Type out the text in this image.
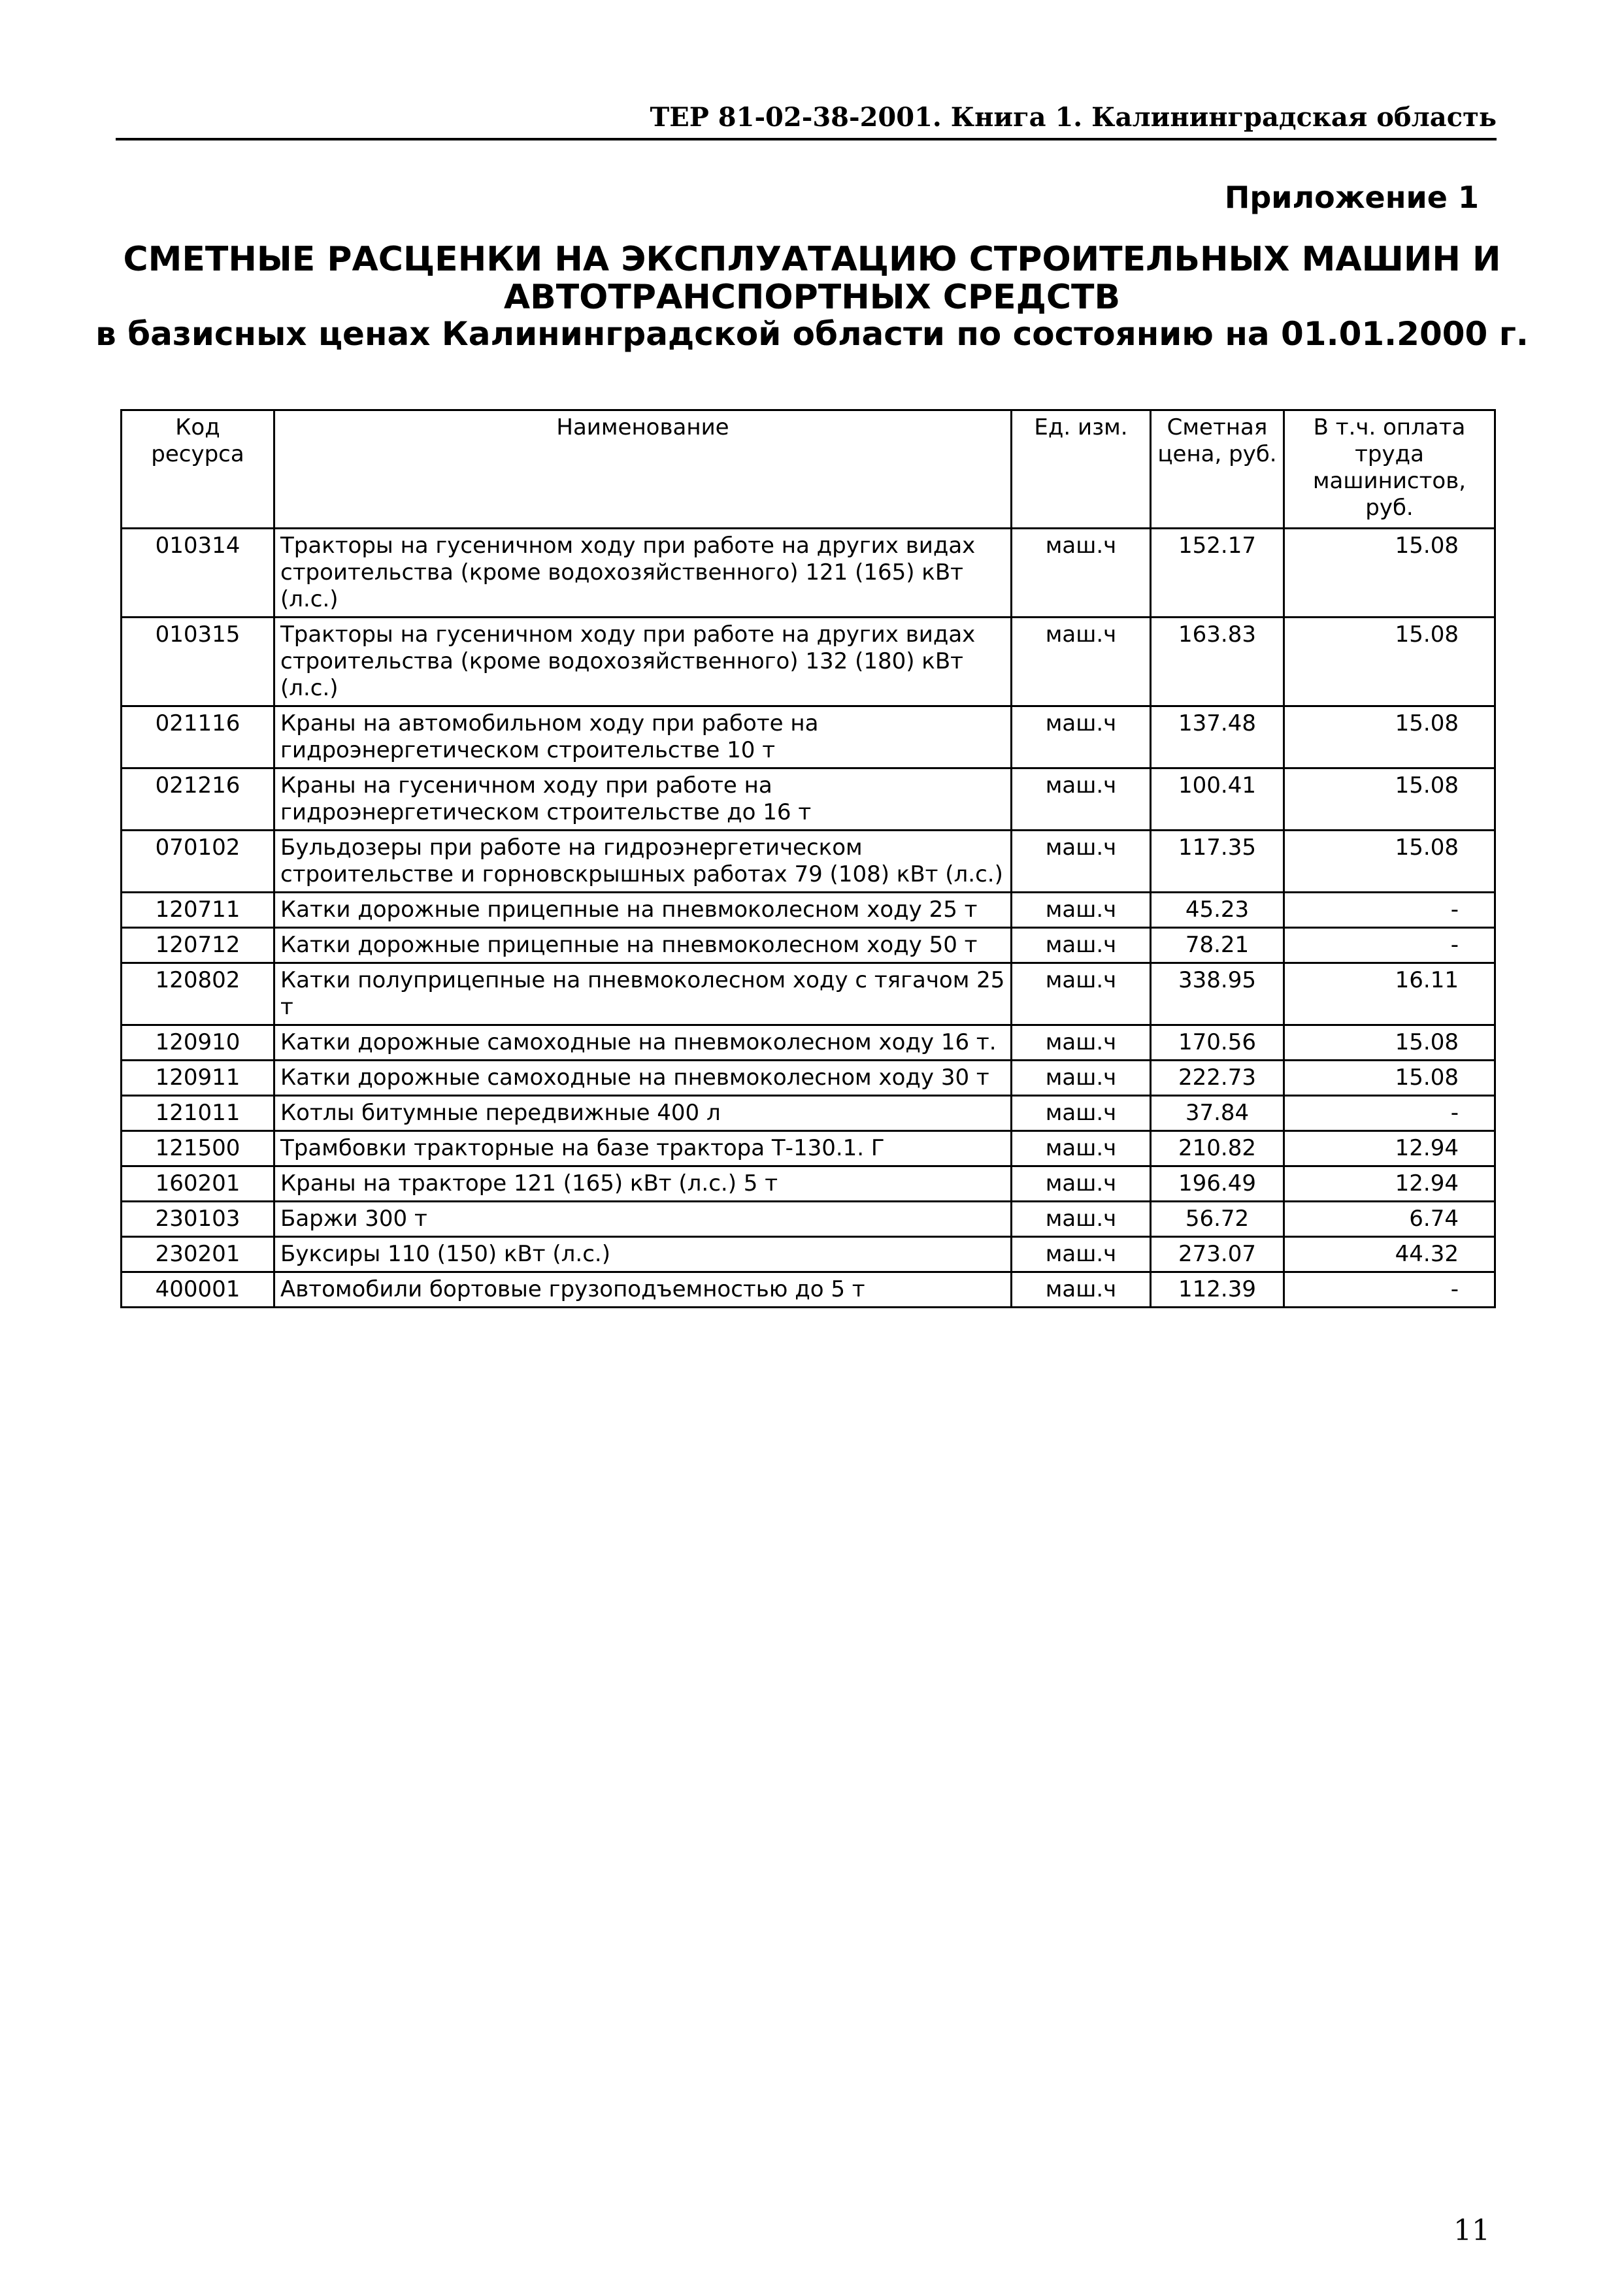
ТЕР 81-02-38-2001. Книга 1. Калининградская область
Приложение 1
СМЕТНЫЕ РАСЦЕНКИ НА ЭКСПЛУАТАЦИЮ СТРОИТЕЛЬНЫХ МАШИН И
АВТОТРАНСПОРТНЫХ СРЕДСТВ
в базисных ценах Калининградской области по состоянию на 01.01.2000 г.
Код ресурса	Наименование	Ед. изм.	Сметная цена, руб.	В т.ч. оплата труда машинистов, руб.
010314	Тракторы на гусеничном ходу при работе на других видах строительства (кроме водохозяйственного) 121 (165) кВт (л.с.)	маш.ч	152.17	15.08
010315	Тракторы на гусеничном ходу при работе на других видах строительства (кроме водохозяйственного) 132 (180) кВт (л.с.)	маш.ч	163.83	15.08
021116	Краны на автомобильном ходу при работе на гидроэнергетическом строительстве 10 т	маш.ч	137.48	15.08
021216	Краны на гусеничном ходу при работе на гидроэнергетическом строительстве до 16 т	маш.ч	100.41	15.08
070102	Бульдозеры при работе на гидроэнергетическом строительстве и горновскрышных работах 79 (108) кВт (л.с.)	маш.ч	117.35	15.08
120711	Катки дорожные прицепные на пневмоколесном ходу 25 т	маш.ч	45.23	-
120712	Катки дорожные прицепные на пневмоколесном ходу 50 т	маш.ч	78.21	-
120802	Катки полуприцепные на пневмоколесном ходу с тягачом 25 т	маш.ч	338.95	16.11
120910	Катки дорожные самоходные на пневмоколесном ходу 16 т.	маш.ч	170.56	15.08
120911	Катки дорожные самоходные на пневмоколесном ходу 30 т	маш.ч	222.73	15.08
121011	Котлы битумные передвижные 400 л	маш.ч	37.84	-
121500	Трамбовки тракторные на базе трактора Т-130.1. Г	маш.ч	210.82	12.94
160201	Краны на тракторе 121 (165) кВт (л.с.) 5 т	маш.ч	196.49	12.94
230103	Баржи 300 т	маш.ч	56.72	6.74
230201	Буксиры 110 (150) кВт (л.с.)	маш.ч	273.07	44.32
400001	Автомобили бортовые грузоподъемностью до 5 т	маш.ч	112.39	-
11
